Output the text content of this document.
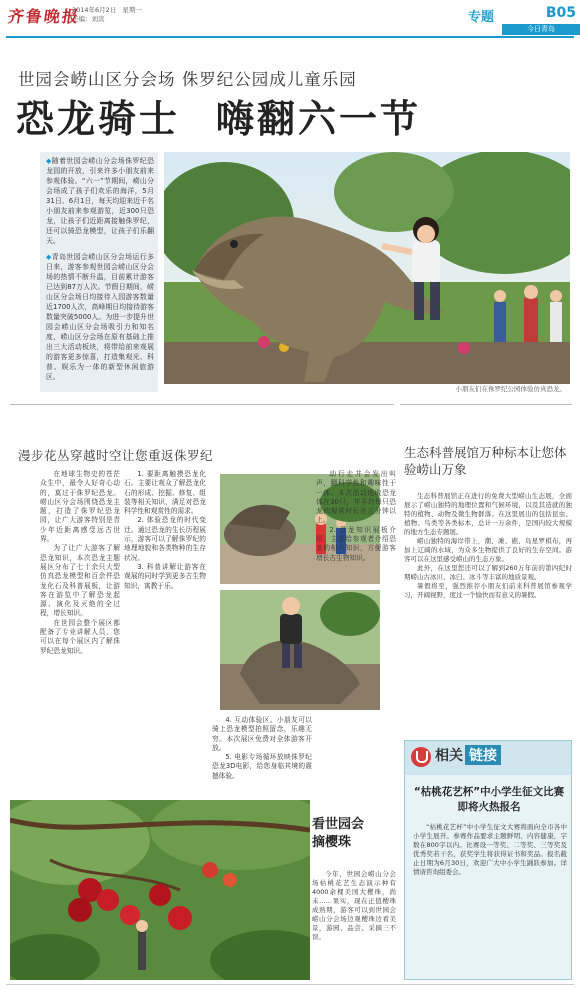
齐鲁晚报
2014年6月2日 星期一
美编：刘宾	专题	B05
今日青岛
世园会崂山区分会场 侏罗纪公园成儿童乐园
恐龙骑士 嗨翻六一节

◆随着世园会崂山分会场侏罗纪恐龙园的开放，引来许多小朋友前来参观体验。“六一”节期间，崂山分会场成了孩子们欢乐的海洋，5月31日、6月1日，每天均迎来近千名小朋友前来参观游览，近300只恐龙，让孩子们近距离接触侏罗纪，还可以骑恐龙模型，让孩子们乐翻天。

◆青岛世园会崂山区分会场运行多日来，游客参观世园会崂山区分会场的热情不断升温，目前累计游客已达到87万人次。节假日期间，崂山区分会场日均接待入园游客数量近1700人次，高峰期日均接待游客数量突破5000人。为进一步提升世园会崂山区分会场吸引力和知名度，崂山区分会场在原有基础上推出三大活动板块，将带给前来观展的游客更多惊喜，打造集观光、科普、娱乐为一体的新型休闲旅游区。

小朋友们在侏罗纪公园体验仿真恐龙。
漫步花丛穿越时空让您重返侏罗纪

在地球生物史的苍茫众生中，最令人好奇心动的，莫过于侏罗纪恐龙。崂山区分会场围绕恐龙主题，打造了侏罗纪恐龙园，让广大游客特别是青少年近距离感受远古世界。

为了让广大游客了解恐龙知识，本次恐龙主题展区分布了七十余只大型仿真恐龙模型和百余件恐龙化石及科普展板，让游客在游览中了解恐龙起源、演化及灭绝的全过程，增长知识。

在世园会整个展区都配备了专业讲解人员，您可以在每个展区内了解侏罗纪恐龙知识。

1. 要距离触摸恐龙化石。主要让观众了解恐龙化石的形成、挖掘、修复、组装等相关知识，满足对恐龙科学性和观赏性的需求。

2. 体验恐龙的时代变迁。通过恐龙的生长历程展示，游客可以了解侏罗纪的地理地貌和各类物种的生存状况。

3. 科普讲解让游客在观展的同时学到更多古生物知识，寓教于乐。

4. 互动体验区。小朋友可以骑上恐龙模型拍照留念，乐趣无穷。本次展区免费对全体游客开放。

5. 电影专场循环放映侏罗纪恐龙3D电影，给您身临其境的震撼体验。

动行走并会发出叫声，翻科学性和趣味性于一体。本次活动选取恐龙体在30只，年平均每只恐龙的观赏时长在五分钟以上。

2. 恐龙知识展板介绍。主要给参观者介绍恐龙的相关知识，方便游客增长古生物知识。

生态科普展馆万种标本让您体验崂山万象

生态科普展馆正在进行的免费大型崂山生态展，全面展示了崂山独特的地理位置和气候环境，以及其造就的独特的植物、动物及微生物群落。在这里展出的包括昆虫、植物、鸟类等各类标本，总计一万余件，是国内较大规模的地方生态专题展。

崂山独特的海岸带上，潮、滩、礁、岛星罗棋布，再加上辽阔的水域，为众多生物提供了良好的生存空间。游客可以在这里感受崂山的生态万象。

此外，在这里您还可以了解到260万年前的第四纪时期崂山古冰川、冰臼、冰斗等丰富的地质景观。

暑假将至，强烈推荐小朋友们前来科普展馆参观学习，开阔视野，度过一个愉快而有意义的暑假。

相关 链接
“枯桃花艺杯”中小学生征文比赛即将火热报名
“枯桃花艺杯”中小学生征文大赛将面向全市各中小学生展开。参赛作品要求主题鲜明、内容健康，字数在800字以内。比赛设一等奖、二等奖、三等奖及优秀奖若干名，获奖学生将获得证书和奖品。报名截止日期为6月30日，欢迎广大中小学生踊跃参加。详情请咨询组委会。
看世园会
摘樱珠

今年，世园会崂山分会场枯桃花艺生态演示种有4000余棵美国大樱珠，尚未……果实，现在正值樱珠成熟期，游客可以到世园会崂山分会场边观樱珠边看美景，游园、品尝、采摘三不误。
